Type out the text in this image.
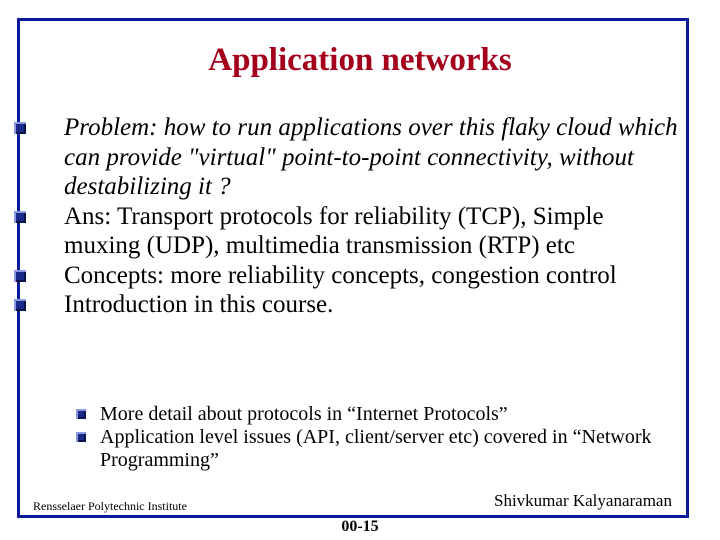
Application networks
Problem: how to run applications over this flaky cloud which can provide "virtual" point-to-point connectivity, without destabilizing it ?
Ans: Transport protocols for reliability (TCP), Simple muxing (UDP), multimedia transmission (RTP) etc
Concepts: more reliability concepts, congestion control
Introduction in this course.
More detail about protocols in “Internet Protocols”
Application level issues (API, client/server etc) covered in “Network Programming”
Rensselaer Polytechnic Institute	Shivkumar Kalyanaraman
00-15
